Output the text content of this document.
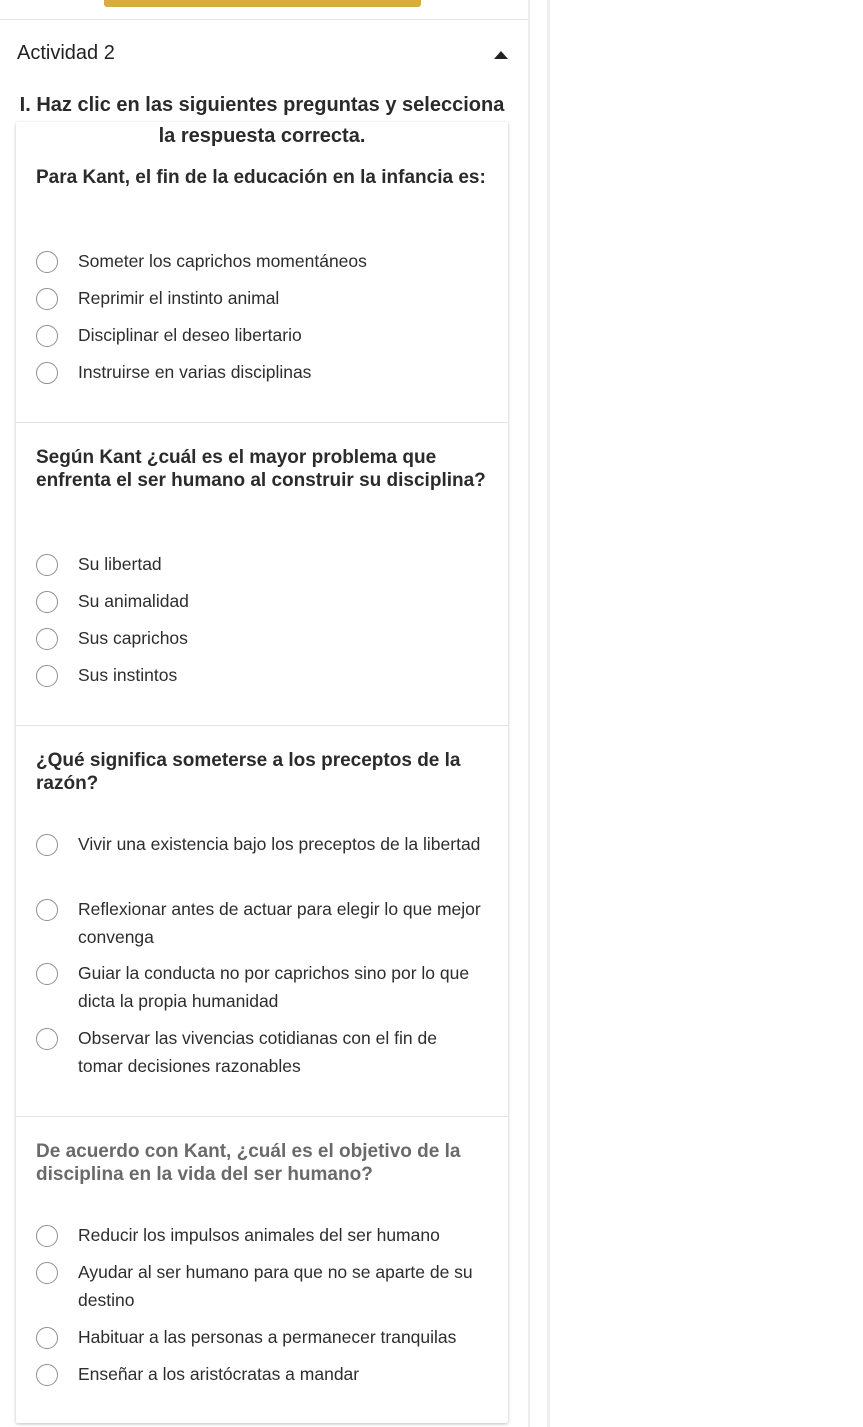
Actividad 2
Para Kant, el fin de la educación en la infancia es:
Someter los caprichos momentáneos
Reprimir el instinto animal
Disciplinar el deseo libertario
Instruirse en varias disciplinas
Según Kant ¿cuál es el mayor problema que enfrenta el ser humano al construir su disciplina?
Su libertad
Su animalidad
Sus caprichos
Sus instintos
¿Qué significa someterse a los preceptos de la razón?
Vivir una existencia bajo los preceptos de la libertad
Reflexionar antes de actuar para elegir lo que mejor convenga
Guiar la conducta no por caprichos sino por lo que dicta la propia humanidad
Observar las vivencias cotidianas con el fin de tomar decisiones razonables
De acuerdo con Kant, ¿cuál es el objetivo de la disciplina en la vida del ser humano?
Reducir los impulsos animales del ser humano
Ayudar al ser humano para que no se aparte de su destino
Habituar a las personas a permanecer tranquilas
Enseñar a los aristócratas a mandar
I. Haz clic en las siguientes preguntas y selecciona la respuesta correcta.
